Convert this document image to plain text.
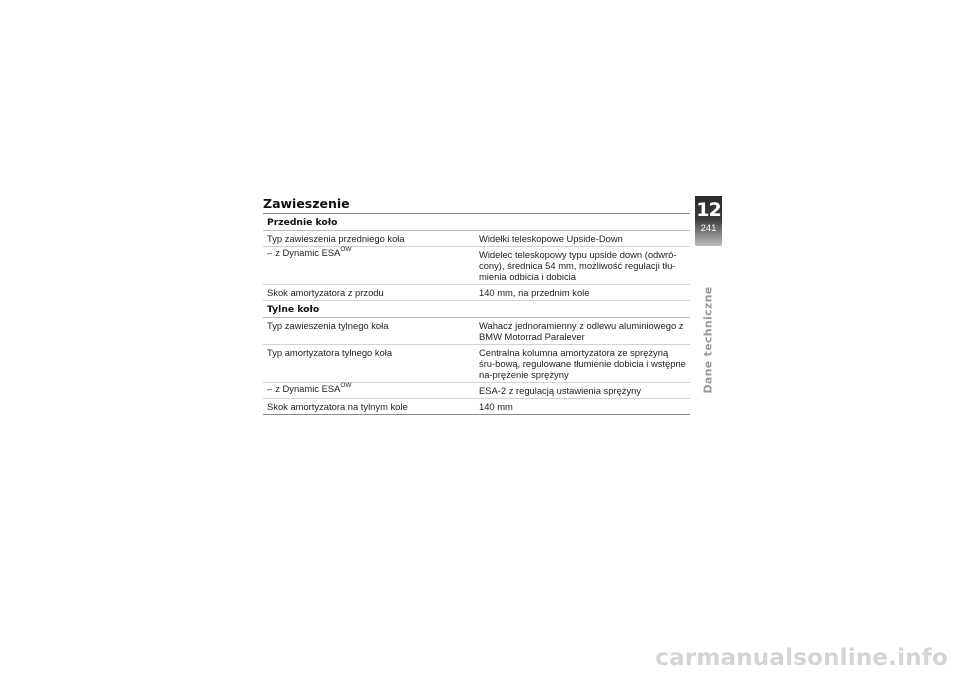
Zawieszenie
Przednie koło
Typ zawieszenia przedniego koła	Widełki teleskopowe Upside-Down
– z Dynamic $ESA^{OW}$	Widelec teleskopowy typu upside down (odwró-cony), średnica 54 mm, możliwość regulacji tłu-mienia odbicia i dobicia
Skok amortyzatora z przodu	140 mm, na przednim kole
Tylne koło
Typ zawieszenia tylnego koła	Wahacz jednoramienny z odlewu aluminiowego z BMW Motorrad Paralever
Typ amortyzatora tylnego koła	Centralna kolumna amortyzatora ze sprężyną śru-bową, regulowane tłumienie dobicia i wstępne na-prężenie sprężyny
– z Dynamic $ESA^{OW}$	ESA-2 z regulacją ustawienia sprężyny
Skok amortyzatora na tylnym kole	140 mm
12
241
Dane techniczne
carmanualsonline.info
